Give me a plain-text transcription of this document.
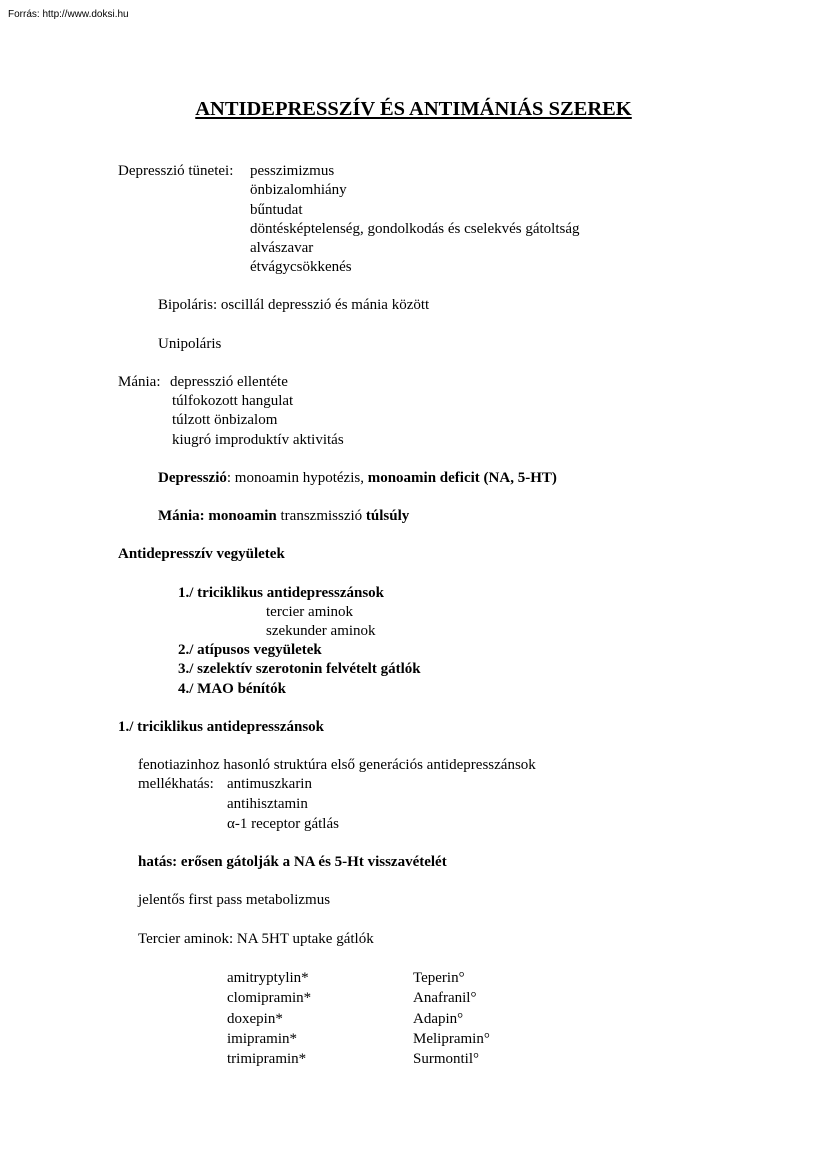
Forrás: http://www.doksi.hu
ANTIDEPRESSZÍV ÉS ANTIMÁNIÁS SZEREK
Depresszió tünetei: pesszimizmus
önbizalomhiány
bűntudat
döntésképtelenség, gondolkodás és cselekvés gátoltság
alvászavar
étvágycsökkenés
Bipoláris: oscillál depresszió és mánia között
Unipoláris
Mánia: depresszió ellentéte
túlfokozott hangulat
túlzott önbizalom
kiugró improduktív aktivitás
Depresszió: monoamin hypotézis, monoamin deficit (NA, 5-HT)
Mánia: monoamin transzmisszió túlsúly
Antidepresszív vegyületek
1./ triciklikus antidepresszánsok
tercier aminok
szekunder aminok
2./ atípusos vegyületek
3./ szelektív szerotonin felvételt gátlók
4./ MAO bénítók
1./ triciklikus antidepresszánsok
fenotiazinhoz hasonló struktúra első generációs antidepresszánsok
mellékhatás: antimuszkarin
antihisztamin
α-1 receptor gátlás
hatás: erősen gátolják a NA és 5-Ht visszavételét
jelentős first pass metabolizmus
Tercier aminok: NA 5HT uptake gátlók
amitryptylin*	Teperin°
clomipramin*	Anafranil°
doxepin*	Adapin°
imipramin*	Melipramin°
trimipramin*	Surmontil°
